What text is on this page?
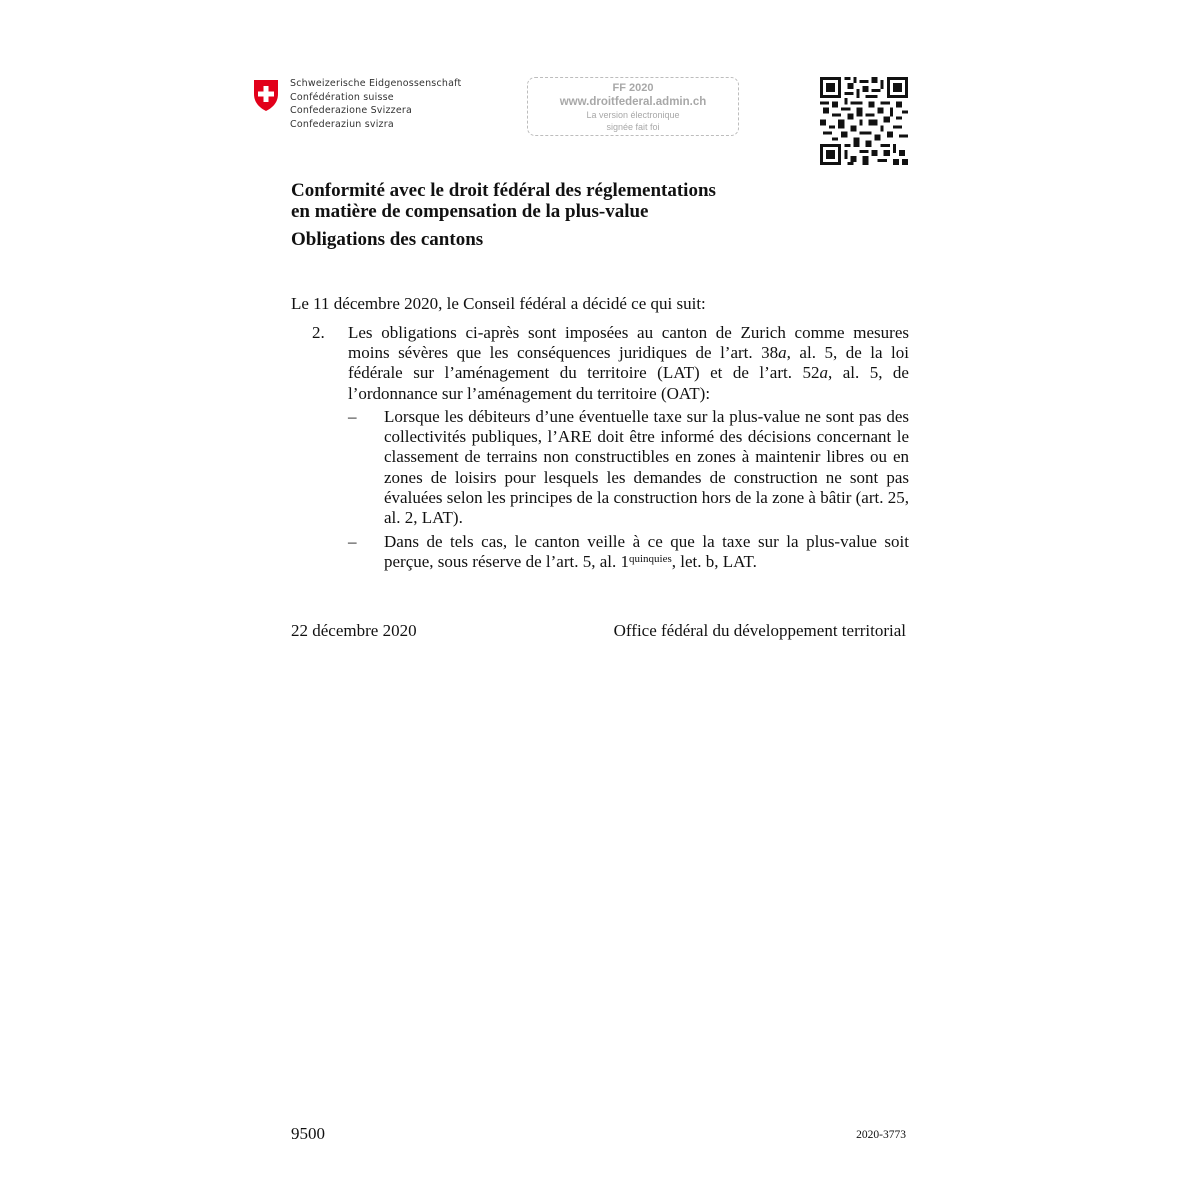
Schweizerische Eidgenossenschaft
Confédération suisse
Confederazione Svizzera
Confederaziun svizra
FF 2020
www.droitfederal.admin.ch
La version électronique
signée fait foi
Conformité avec le droit fédéral des réglementations
en matière de compensation de la plus-value
Obligations des cantons
Le 11 décembre 2020, le Conseil fédéral a décidé ce qui suit:
2. Les obligations ci-après sont imposées au canton de Zurich comme mesures moins sévères que les conséquences juridiques de l’art. 38a, al. 5, de la loi fédérale sur l’aménagement du territoire (LAT) et de l’art. 52a, al. 5, de l’ordonnance sur l’aménagement du territoire (OAT):
– Lorsque les débiteurs d’une éventuelle taxe sur la plus-value ne sont pas des collectivités publiques, l’ARE doit être informé des décisions concernant le classement de terrains non constructibles en zones à maintenir libres ou en zones de loisirs pour lesquels les demandes de construction ne sont pas évaluées selon les principes de la construction hors de la zone à bâtir (art. 25, al. 2, LAT).
– Dans de tels cas, le canton veille à ce que la taxe sur la plus-value soit perçue, sous réserve de l’art. 5, al. $1^{quinquies}$, let. b, LAT.
22 décembre 2020	Office fédéral du développement territorial
9500	2020-3773
